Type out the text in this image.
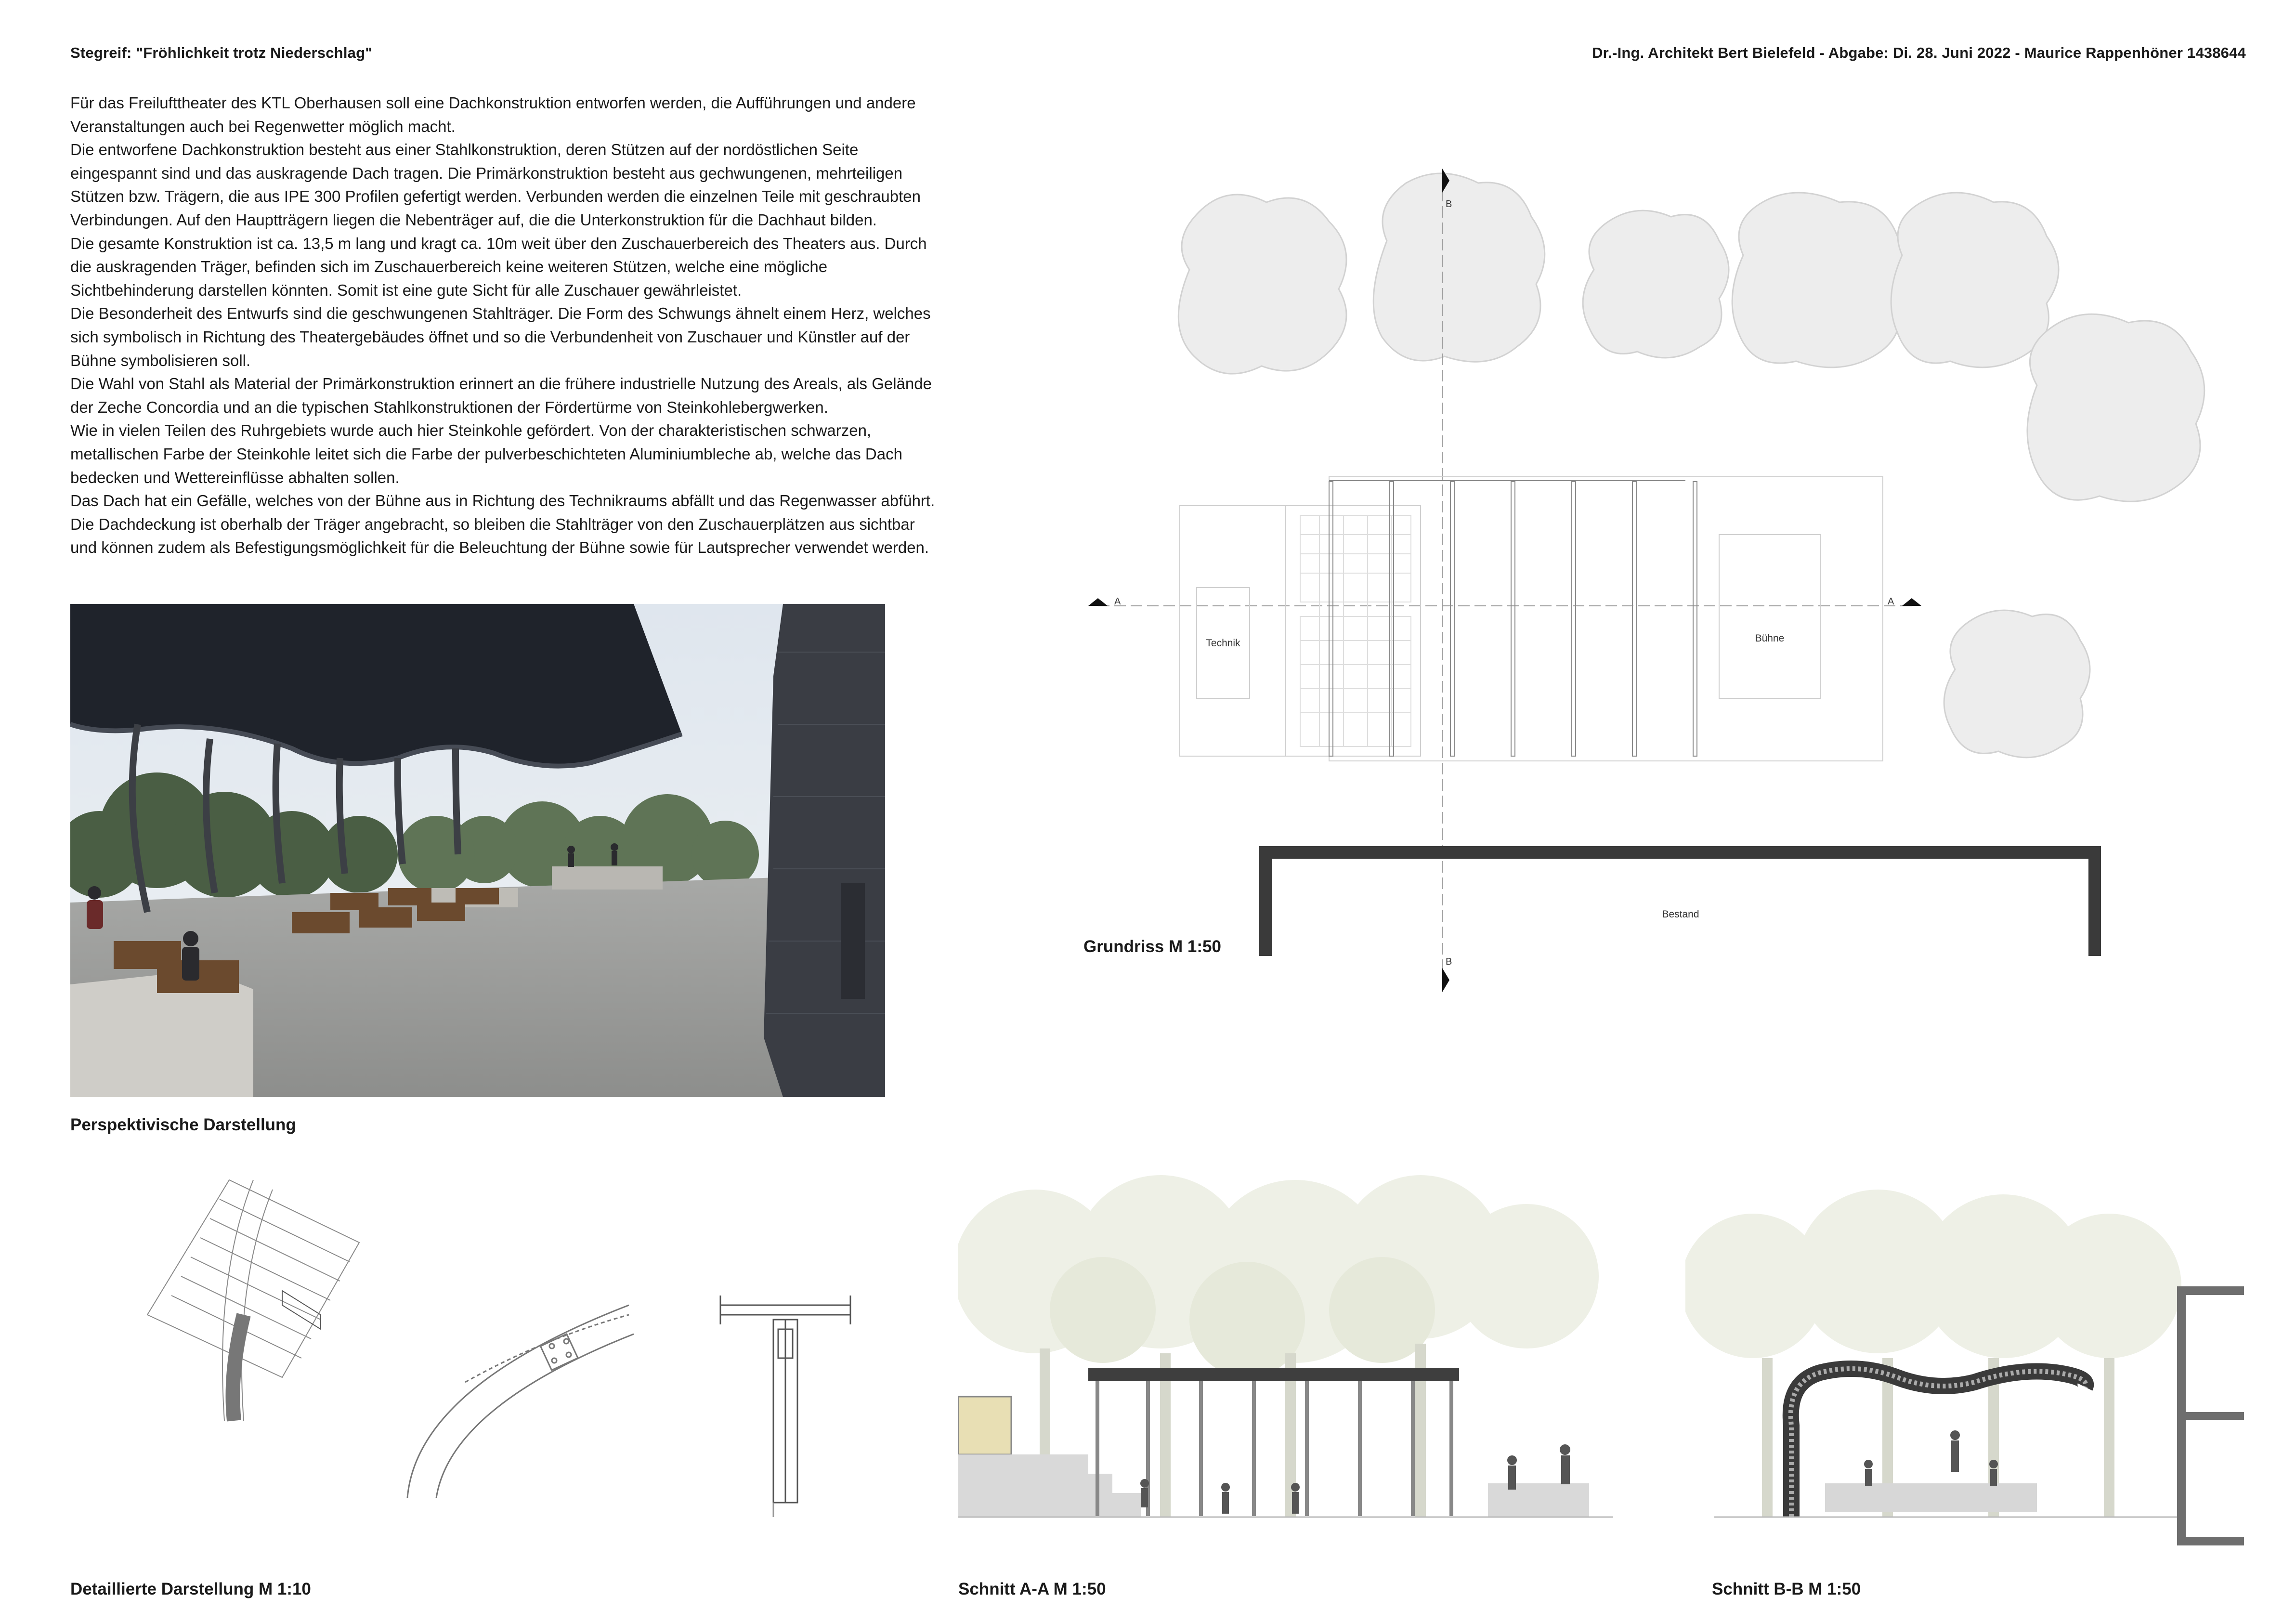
Stegreif: "Fröhlichkeit trotz Niederschlag"	Dr.-Ing. Architekt Bert Bielefeld - Abgabe: Di. 28. Juni 2022 - Maurice Rappenhöner 1438644

Für das Freilufttheater des KTL Oberhausen soll eine Dachkonstruktion entworfen werden, die Aufführungen und andere

Veranstaltungen auch bei Regenwetter möglich macht.

Die entworfene Dachkonstruktion besteht aus einer Stahlkonstruktion, deren Stützen auf der nordöstlichen Seite

eingespannt sind und das auskragende Dach tragen. Die Primärkonstruktion besteht aus gechwungenen, mehrteiligen

Stützen bzw. Trägern, die aus IPE 300 Profilen gefertigt werden. Verbunden werden die einzelnen Teile mit geschraubten

Verbindungen. Auf den Hauptträgern liegen die Nebenträger auf, die die Unterkonstruktion für die Dachhaut bilden.

Die gesamte Konstruktion ist ca. 13,5 m lang und kragt ca. 10m weit über den Zuschauerbereich des Theaters aus. Durch

die auskragenden Träger, befinden sich im Zuschauerbereich keine weiteren Stützen, welche eine mögliche

Sichtbehinderung darstellen könnten. Somit ist eine gute Sicht für alle Zuschauer gewährleistet.

Die Besonderheit des Entwurfs sind die geschwungenen Stahlträger. Die Form des Schwungs ähnelt einem Herz, welches

sich symbolisch in Richtung des Theatergebäudes öffnet und so die Verbundenheit von Zuschauer und Künstler auf der

Bühne symbolisieren soll.

Die Wahl von Stahl als Material der Primärkonstruktion erinnert an die frühere industrielle Nutzung des Areals, als Gelände

der Zeche Concordia und an die typischen Stahlkonstruktionen der Fördertürme von Steinkohlebergwerken.

Wie in vielen Teilen des Ruhrgebiets wurde auch hier Steinkohle gefördert. Von der charakteristischen schwarzen,

metallischen Farbe der Steinkohle leitet sich die Farbe der pulverbeschichteten Aluminiumbleche ab, welche das Dach

bedecken und Wettereinflüsse abhalten sollen.

Das Dach hat ein Gefälle, welches von der Bühne aus in Richtung des Technikraums abfällt und das Regenwasser abführt.

Die Dachdeckung ist oberhalb der Träger angebracht, so bleiben die Stahlträger von den Zuschauerplätzen aus sichtbar

und können zudem als Befestigungsmöglichkeit für die Beleuchtung der Bühne sowie für Lautsprecher verwendet werden.

Perspektivische Darstellung
B
B
A	A
Technik	Bühne
Bestand
Grundriss M 1:50
Detaillierte Darstellung M 1:10	Schnitt A-A M 1:50	Schnitt B-B M 1:50
